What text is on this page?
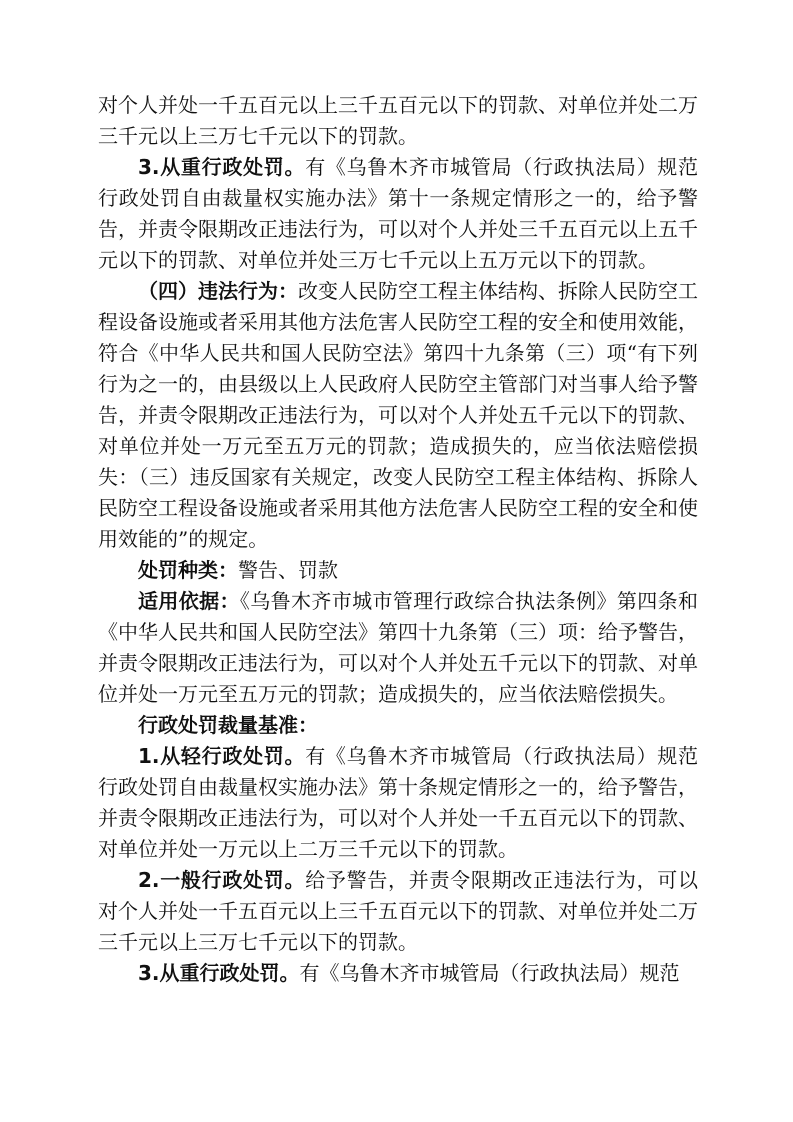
对个人并处一千五百元以上三千五百元以下的罚款、对单位并处二万三千元以上三万七千元以下的罚款。

3.从重行政处罚。有《乌鲁木齐市城管局（行政执法局）规范行政处罚自由裁量权实施办法》第十一条规定情形之一的，给予警告，并责令限期改正违法行为，可以对个人并处三千五百元以上五千元以下的罚款、对单位并处三万七千元以上五万元以下的罚款。

（四）违法行为：改变人民防空工程主体结构、拆除人民防空工程设备设施或者采用其他方法危害人民防空工程的安全和使用效能，符合《中华人民共和国人民防空法》第四十九条第（三）项“有下列行为之一的，由县级以上人民政府人民防空主管部门对当事人给予警告，并责令限期改正违法行为，可以对个人并处五千元以下的罚款、对单位并处一万元至五万元的罚款；造成损失的，应当依法赔偿损失：（三）违反国家有关规定，改变人民防空工程主体结构、拆除人民防空工程设备设施或者采用其他方法危害人民防空工程的安全和使用效能的”的规定。

处罚种类：警告、罚款

适用依据：《乌鲁木齐市城市管理行政综合执法条例》第四条和《中华人民共和国人民防空法》第四十九条第（三）项：给予警告，并责令限期改正违法行为，可以对个人并处五千元以下的罚款、对单位并处一万元至五万元的罚款；造成损失的，应当依法赔偿损失。

行政处罚裁量基准：

1.从轻行政处罚。有《乌鲁木齐市城管局（行政执法局）规范行政处罚自由裁量权实施办法》第十条规定情形之一的，给予警告，并责令限期改正违法行为，可以对个人并处一千五百元以下的罚款、对单位并处一万元以上二万三千元以下的罚款。

2.一般行政处罚。给予警告，并责令限期改正违法行为，可以对个人并处一千五百元以上三千五百元以下的罚款、对单位并处二万三千元以上三万七千元以下的罚款。

3.从重行政处罚。有《乌鲁木齐市城管局（行政执法局）规范
